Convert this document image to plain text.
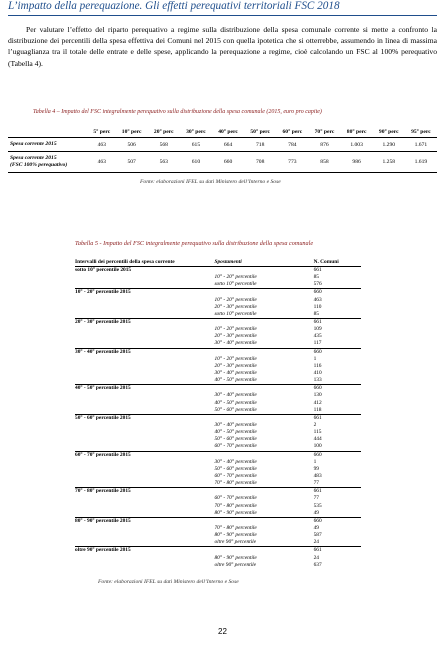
L’impatto della perequazione. Gli effetti perequativi territoriali FSC 2018
Per valutare l’effetto del riparto perequativo a regime sulla distribuzione della spesa comunale corrente si mette a confronto la distribuzione dei percentili della spesa effettiva dei Comuni nel 2015 con quella ipotetica che si otterrebbe, assumendo in linea di massima l’uguaglianza tra il totale delle entrate e delle spese, applicando la perequazione a regime, cioè calcolando un FSC al 100% perequativo (Tabella 4).
Tabella 4 – Impatto del FSC integralmente perequativo sulla distribuzione della spesa comunale (2015, euro pro capite)
	5° perc	10° perc	20° perc	30° perc	40° perc	50° perc	60° perc	70° perc	80° perc	90° perc	95° perc

Spesa corrente 2015	463	506	568	615	664	718	784	876	1.003	1.290	1.671

Spesa corrente 2015
(FSC 100% perequativo)	463	507	563	610	660	708	773	858	986	1.258	1.619
Fonte: elaborazioni IFEL su dati Ministero dell’Interno e Sose
Tabella 5 - Impatto del FSC integralmente perequativo sulla distribuzione della spesa comunale
Intervalli dei percentili della spesa corrente	Spostamenti	N. Comuni
sotto 10° percentile 2015		661
	10° - 20° percentile	85
	sotto 10° percentile	576
10° - 20° percentile 2015		660
	10° - 20° percentile	463
	20° - 30° percentile	110
	sotto 10° percentile	85
20° - 30° percentile 2015		661
	10° - 20° percentile	109
	20° - 30° percentile	435
	30° - 40° percentile	117
30° - 40° percentile 2015		660
	10° - 20° percentile	1
	20° - 30° percentile	116
	30° - 40° percentile	410
	40° - 50° percentile	133
40° - 50° percentile 2015		660
	30° - 40° percentile	130
	40° - 50° percentile	412
	50° - 60° percentile	118
50° - 60° percentile 2015		661
	30° - 40° percentile	2
	40° - 50° percentile	115
	50° - 60° percentile	444
	60° - 70° percentile	100
60° - 70° percentile 2015		660
	30° - 40° percentile	1
	50° - 60° percentile	99
	60° - 70° percentile	483
	70° - 80° percentile	77
70° - 80° percentile 2015		661
	60° - 70° percentile	77
	70° - 80° percentile	535
	80° - 90° percentile	49
80° - 90° percentile 2015		660
	70° - 80° percentile	49
	80° - 90° percentile	587
	oltre 90° percentile	24
oltre 90° percentile 2015		661
	80° - 90° percentile	24
	oltre 90° percentile	637
Fonte: elaborazioni IFEL su dati Ministero dell’Interno e Sose
22
